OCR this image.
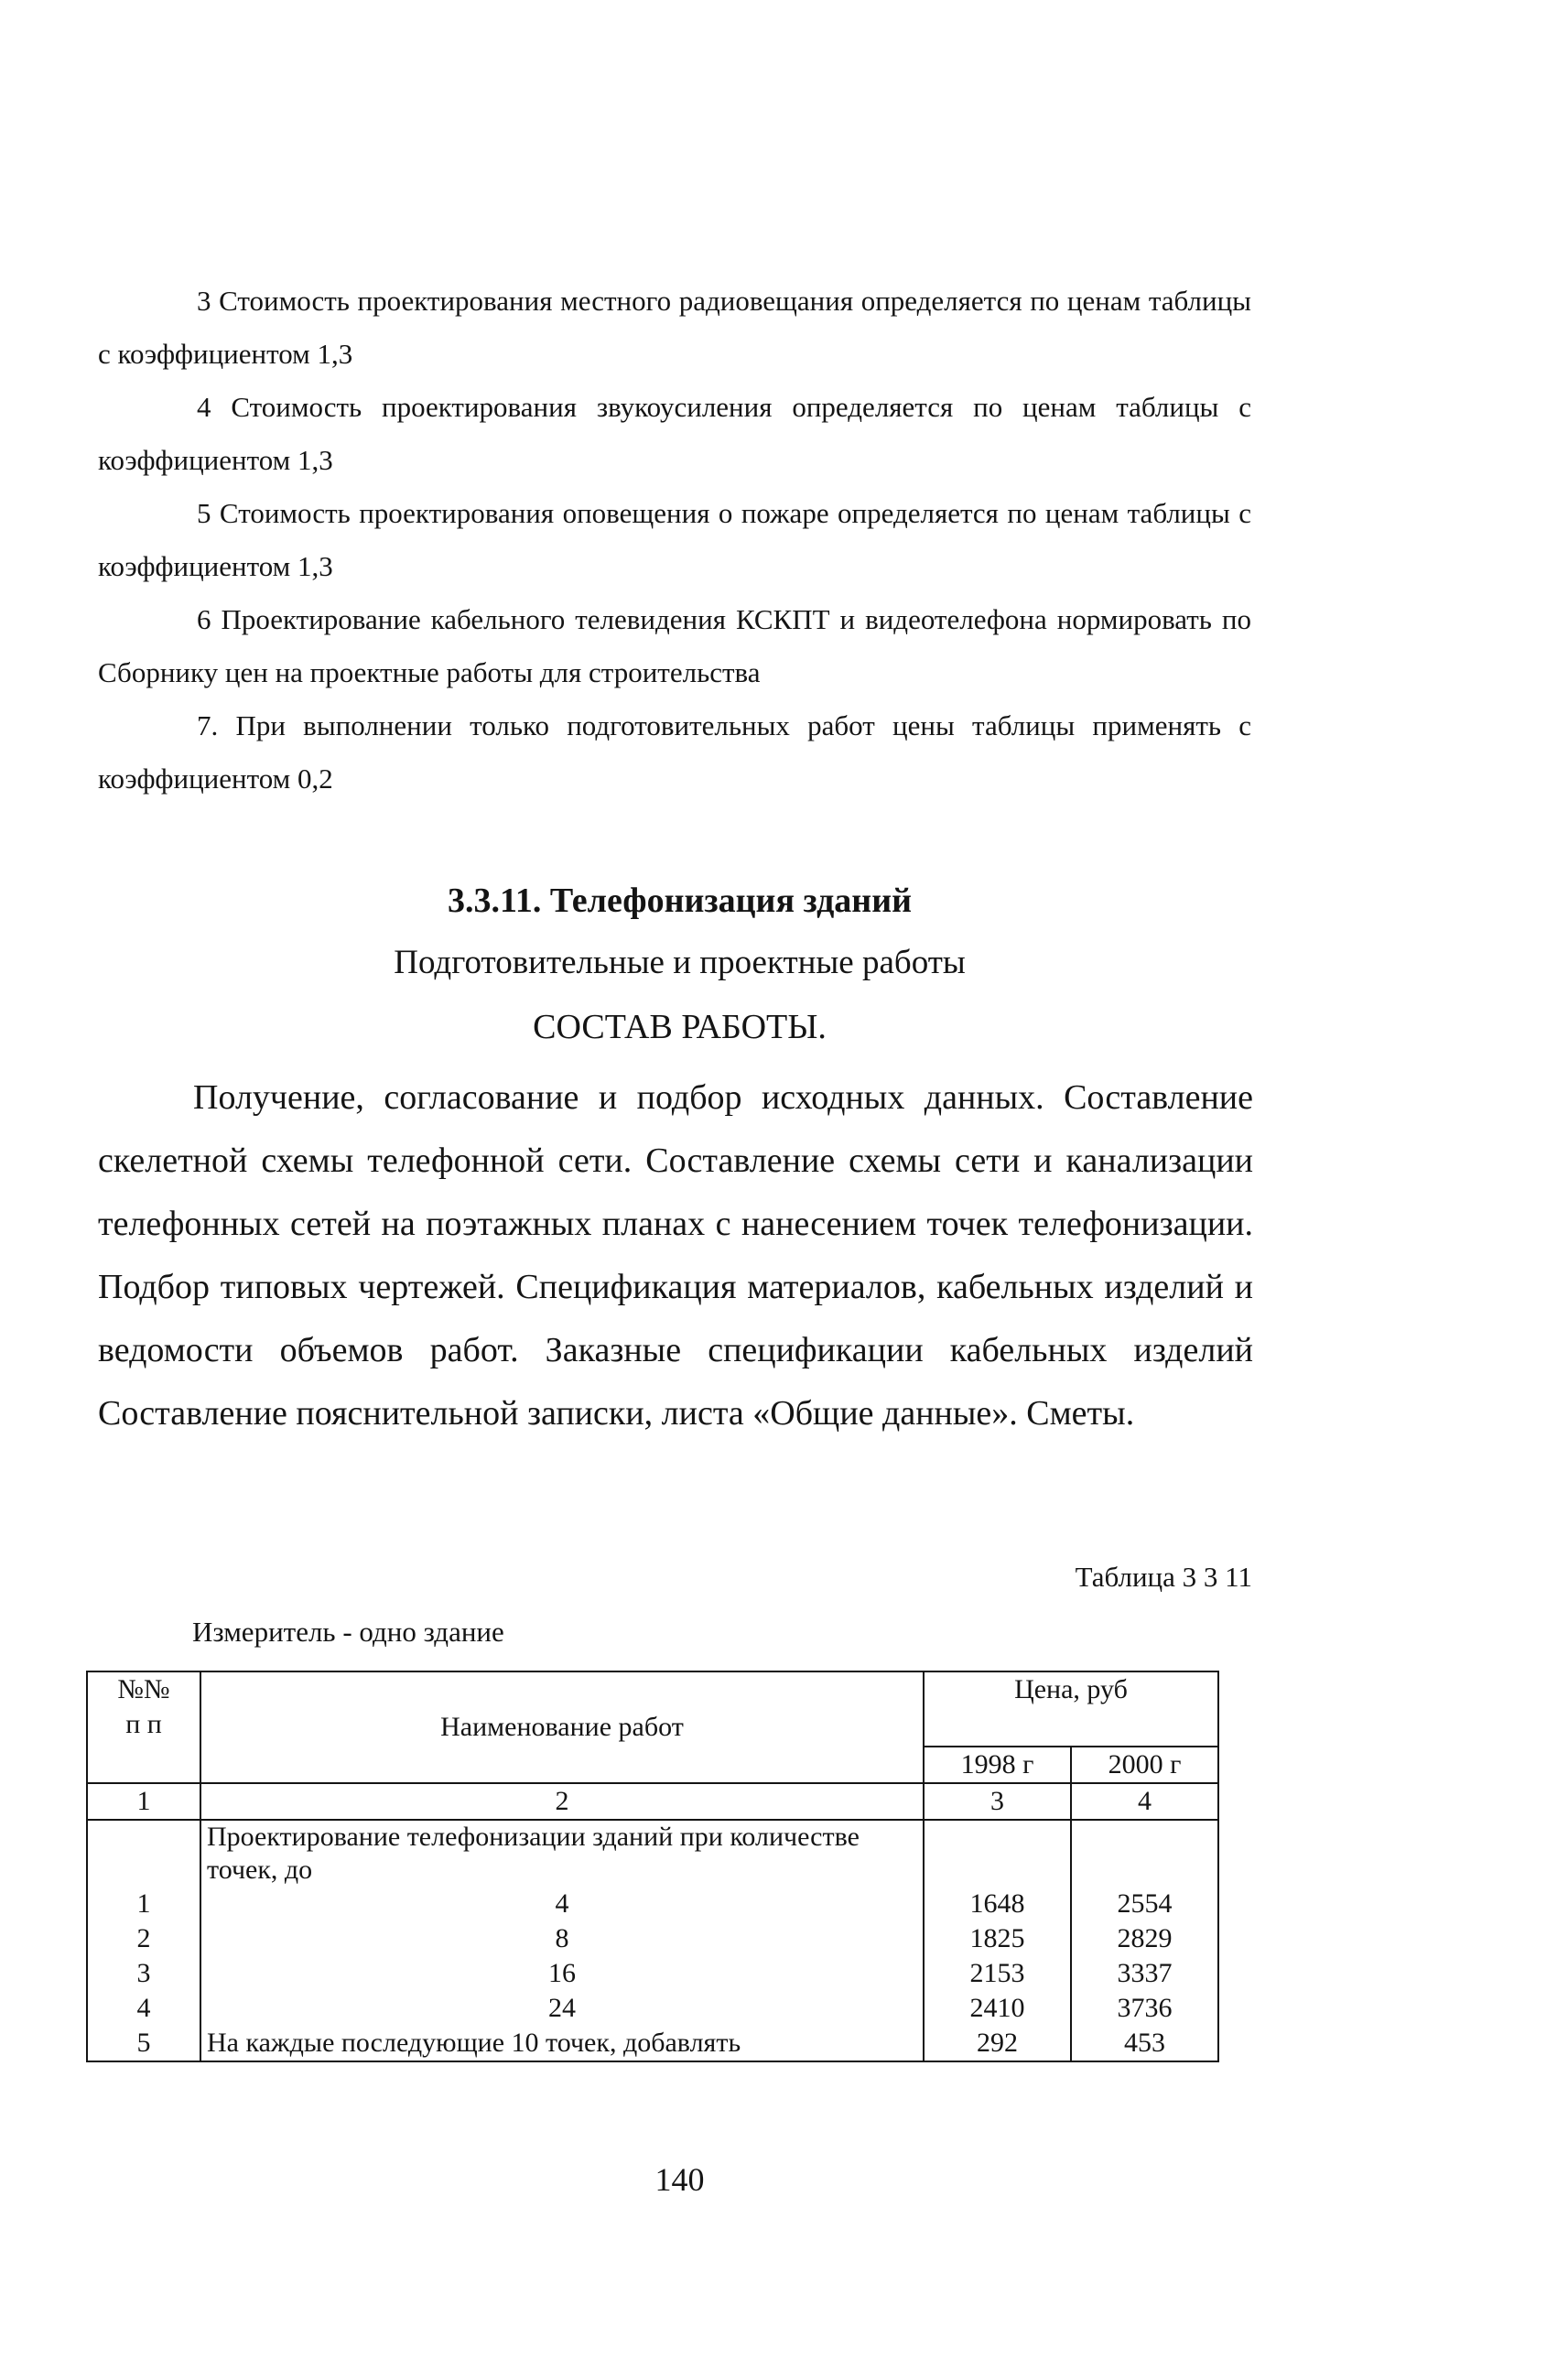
3 Стоимость проектирования местного радиовещания определяется по ценам таблицы с коэффициентом 1,3

4 Стоимость проектирования звукоусиления определяется по ценам таблицы с коэффициентом 1,3

5 Стоимость проектирования оповещения о пожаре определяется по ценам таблицы с коэффициентом 1,3

6 Проектирование кабельного телевидения КСКПТ и видеотелефона нормировать по Сборнику цен на проектные работы для строительства

7. При выполнении только подготовительных работ цены таблицы применять с коэффициентом 0,2

3.3.11. Телефонизация зданий
Подготовительные и проектные работы
СОСТАВ РАБОТЫ.

Получение, согласование и подбор исходных данных. Составление скелетной схемы телефонной сети. Составление схемы сети и канализации телефонных сетей на поэтажных планах с нанесением точек телефонизации. Подбор типовых чертежей. Спецификация материалов, кабельных изделий и ведомости объемов работ. Заказные спецификации кабельных изделий Составление пояснительной записки, листа «Общие данные». Сметы.

Таблица 3 3 11
Измеритель - одно здание
№№
п п	Наименование работ	Цена, руб	
		1998 г	2000 г
1	2	3	4
	Проектирование телефонизации зданий при количестве точек, до		
1	4	1648	2554
2	8	1825	2829
3	16	2153	3337
4	24	2410	3736
5	На каждые последующие 10 точек, добавлять	292	453
140
